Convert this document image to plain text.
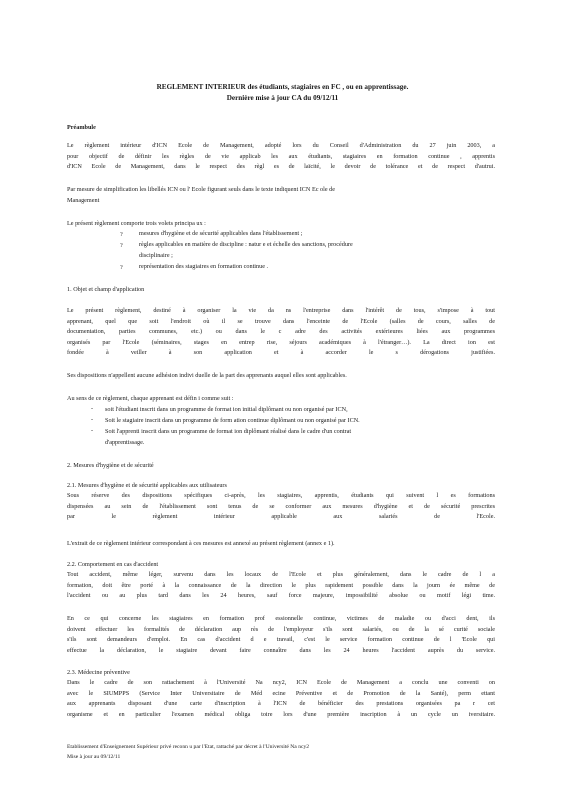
REGLEMENT INTERIEUR des étudiants, stagiaires en FC , ou en apprentissage.
Dernière mise à jour CA du 09/12/11
Préambule
Le règlement intérieur d'ICN Ecole de Management, adopté lors du Conseil d'Administration du 27 juin 2003, a
pour objectif de définir les règles de vie applicab les aux étudiants, stagiaires en formation continue , apprentis
d'ICN Ecole de Management, dans le respect des règl es de laïcité, le devoir de tolérance et de respect d'autrui.
Par mesure de simplification les libellés ICN ou l' Ecole figurant seuls dans le texte indiquent ICN Ec ole de
Management
Le présent règlement comporte trois volets principa ux :
?	mesures d'hygiène et de sécurité applicables dans l'établissement ;
?	règles applicables en matière de discipline : natur e et échelle des sanctions, procédure
disciplinaire ;
?	représentation des stagiaires en formation continue .
1. Objet et champ d'application
Le présent règlement, destiné à organiser la vie da ns l'entreprise dans l'intérêt de tous, s'impose à tout
apprenant, quel que soit l'endroit où il se trouve dans l'enceinte de l'Ecole (salles de cours, salles de
documentation, parties communes, etc.) ou dans le c adre des activités extérieures liées aux programmes
organisés par l'Ecole (séminaires, stages en entrep rise, séjours académiques à l'étranger…). La direct ion est
fondée à veiller à son application et à accorder le s dérogations justifiées.
Ses dispositions n'appellent aucune adhésion indivi duelle de la part des apprenants auquel elles sont applicables.
Au sens de ce règlement, chaque apprenant est défin i comme suit :
- soit l'étudiant inscrit dans un programme de format ion initial diplômant ou non organisé par ICN,
- Soit le stagiaire inscrit dans un programme de form ation continue diplômant ou non organisé par ICN.
- Soit l'apprenti inscrit dans un programme de format ion diplômant réalisé dans le cadre d'un contrat
d'apprentissage.
2. Mesures d'hygiène et de sécurité
2.1. Mesures d'hygiène et de sécurité applicables aux utilisateurs
Sous réserve des dispositions spécifiques ci-après, les stagiaires, apprentis, étudiants qui suivent l es formations
dispensées au sein de l'établissement sont tenus de se conformer aux mesures d'hygiène et de sécurité prescrites
par le règlement intérieur applicable aux salariés de l'Ecole.
L'extrait de ce règlement intérieur correspondant à ces mesures est annexé au présent règlement (annex e 1).
2.2. Comportement en cas d'accident
Tout accident, même léger, survenu dans les locaux de l'Ecole et plus généralement, dans le cadre de l a
formation, doit être porté à la connaissance de la direction le plus rapidement possible dans la journ ée même de
l'accident ou au plus tard dans les 24 heures, sauf force majeure, impossibilité absolue ou motif légi time.
En ce qui concerne les stagiaires en formation prof essionnelle continue, victimes de maladie ou d'acci dent, ils
doivent effectuer les formalités de déclaration aup rès de l'employeur s'ils sont salariés, ou de la sé curité sociale
s'ils sont demandeurs d'emploi. En cas d'accident d e travail, c'est le service formation continue de l 'Ecole qui
effectue la déclaration, le stagiaire devant faire connaître dans les 24 heures l'accident auprès du service.
2.3. Médecine préventive
Dans le cadre de son rattachement à l'Université Na ncy2, ICN Ecole de Management a conclu une conventi on
avec le SIUMPPS (Service Inter Universitaire de Méd ecine Préventive et de Promotion de la Santé), perm ettant
aux apprenants disposant d'une carte d'inscription à l'ICN de bénéficier des prestations organisées pa r cet
organisme et en particulier l'examen médical obliga toire lors d'une première inscription à un cycle un iversitaire.
Etablissement d'Enseignement Supérieur privé reconn u par l'Etat, rattaché par décret à l'Université Na ncy2
Mise à jour au 09/12/11
